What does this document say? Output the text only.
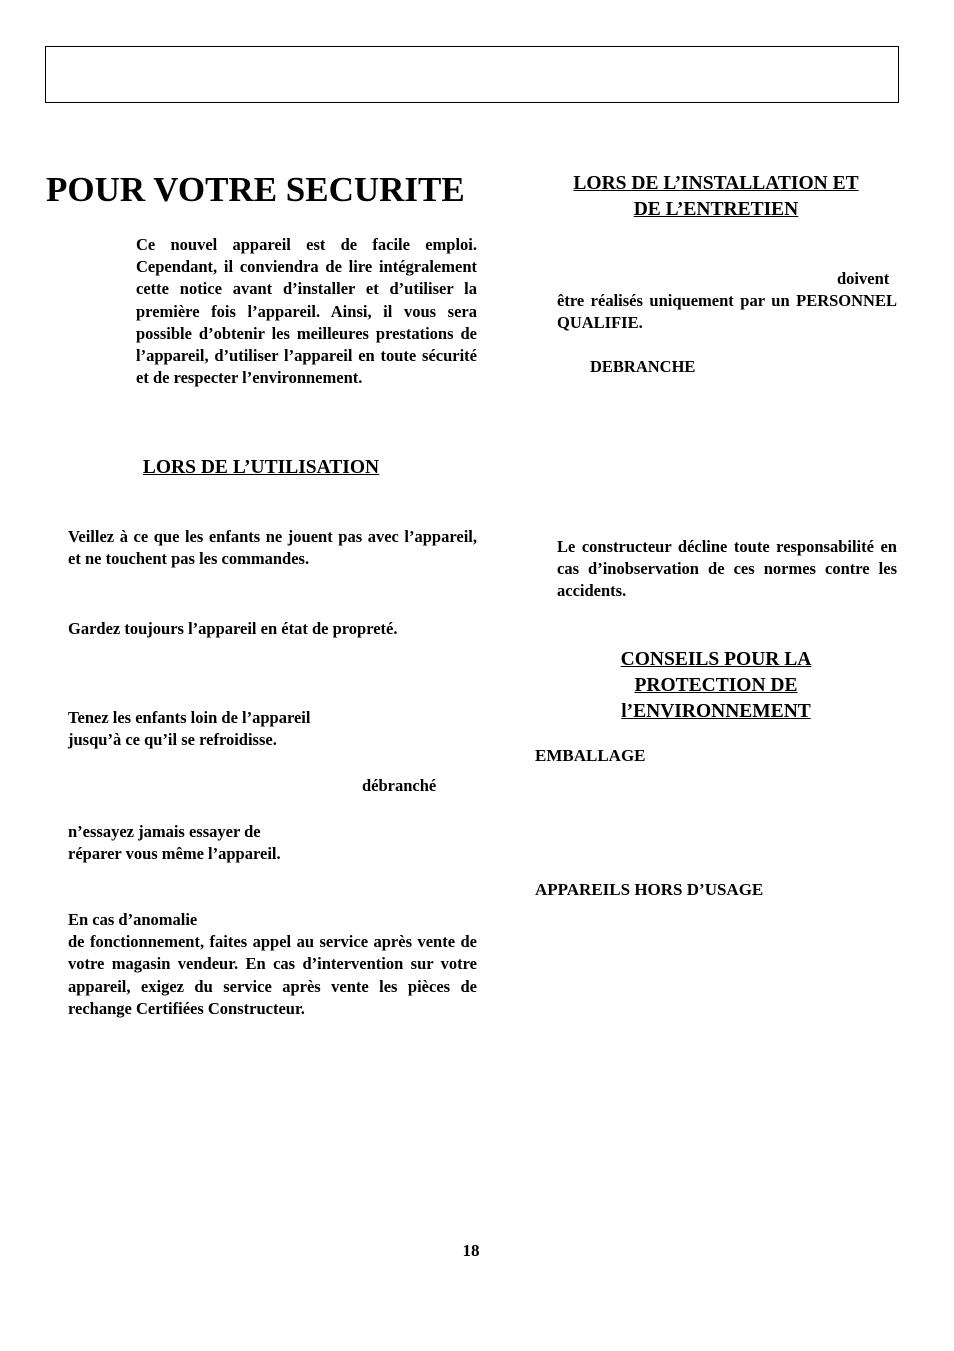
POUR VOTRE SECURITE
Ce nouvel appareil est de facile emploi. Cependant, il conviendra de lire intégralement cette notice avant d’installer et d’utiliser la première fois l’appareil. Ainsi, il vous sera possible d’obtenir les meilleures prestations de l’appareil, d’utiliser l’appareil en toute sécurité et de respecter l’environnement.
LORS DE L’UTILISATION
Veillez à ce que les enfants ne jouent pas avec l’appareil, et ne touchent pas les commandes.
Gardez toujours l’appareil en état de propreté.
Tenez les enfants loin de l’appareil
jusqu’à ce qu’il se refroidisse.
débranché
n’essayez jamais essayer de
réparer vous même l’appareil.
En cas d’anomalie
de fonctionnement, faites appel au service après vente de votre magasin vendeur. En cas d’intervention sur votre appareil, exigez du service après vente les pièces de rechange Certifiées Constructeur.
LORS DE L’INSTALLATION ET
DE L’ENTRETIEN
doivent
être réalisés uniquement par un PERSONNEL QUALIFIE.
DEBRANCHE
Le constructeur décline toute responsabilité en cas d’inobservation de ces normes contre les accidents.
CONSEILS POUR LA
PROTECTION DE
l’ENVIRONNEMENT
EMBALLAGE
APPAREILS HORS D’USAGE
18
